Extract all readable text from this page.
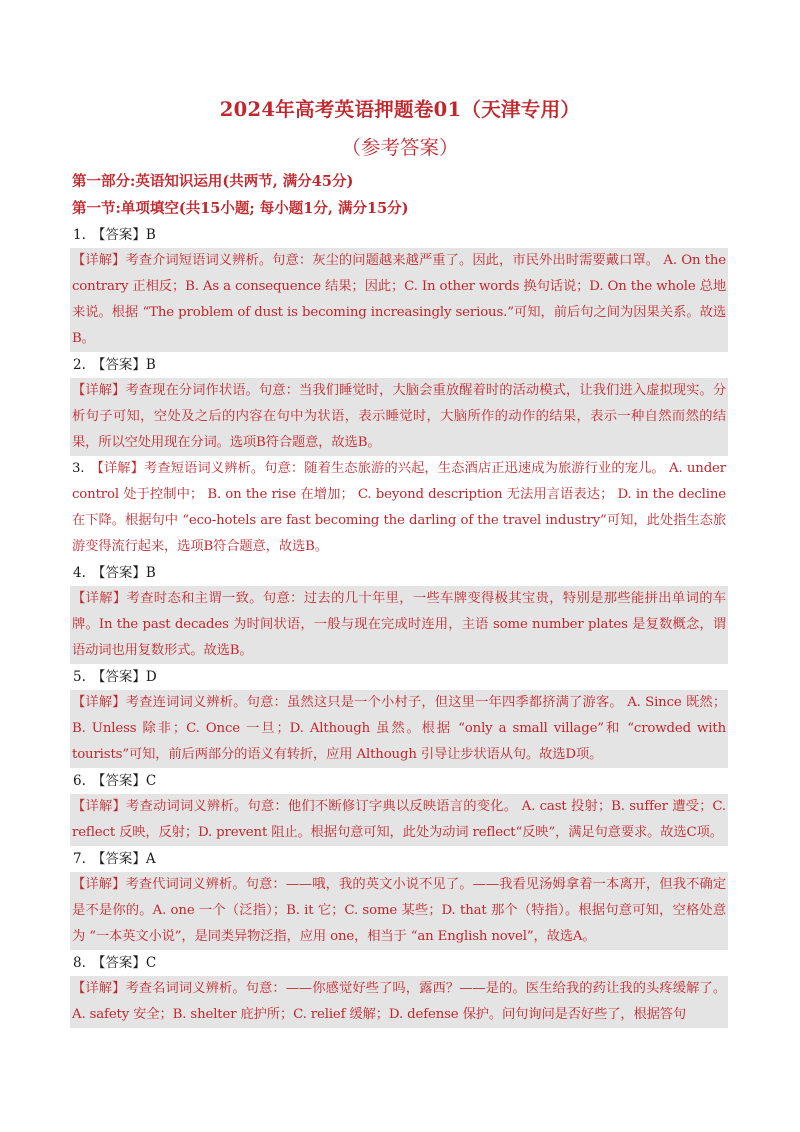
2024年高考英语押题卷01（天津专用）
（参考答案）
第一部分:英语知识运用(共两节, 满分45分)
第一节:单项填空(共15小题; 每小题1分, 满分15分)
1. 【答案】B
【详解】考查介词短语词义辨析。句意：灰尘的问题越来越严重了。因此，市民外出时需要戴口罩。 A. On the contrary 正相反；B. As a consequence 结果；因此；C. In other words 换句话说；D. On the whole 总地来说。根据 “The problem of dust is becoming increasingly serious.”可知，前后句之间为因果关系。故选B。
2. 【答案】B
【详解】考查现在分词作状语。句意：当我们睡觉时，大脑会重放醒着时的活动模式，让我们进入虚拟现实。分析句子可知，空处及之后的内容在句中为状语，表示睡觉时，大脑所作的动作的结果，表示一种自然而然的结果，所以空处用现在分词。选项B符合题意，故选B。
3. 【详解】考查短语词义辨析。句意：随着生态旅游的兴起，生态酒店正迅速成为旅游行业的宠儿。 A. under control 处于控制中； B. on the rise 在增加； C. beyond description 无法用言语表达； D. in the decline 在下降。根据句中 “eco-hotels are fast becoming the darling of the travel industry”可知，此处指生态旅游变得流行起来，选项B符合题意，故选B。
4. 【答案】B
【详解】考查时态和主谓一致。句意：过去的几十年里，一些车牌变得极其宝贵，特别是那些能拼出单词的车牌。In the past decades 为时间状语，一般与现在完成时连用，主语 some number plates 是复数概念，谓语动词也用复数形式。故选B。
5. 【答案】D
【详解】考查连词词义辨析。句意：虽然这只是一个小村子，但这里一年四季都挤满了游客。 A. Since 既然；B. Unless 除非；C. Once 一旦；D. Although 虽然。根据 “only a small village”和 “crowded with tourists”可知，前后两部分的语义有转折，应用 Although 引导让步状语从句。故选D项。
6. 【答案】C
【详解】考查动词词义辨析。句意：他们不断修订字典以反映语言的变化。 A. cast 投射；B. suffer 遭受；C. reflect 反映，反射；D. prevent 阻止。根据句意可知，此处为动词 reflect“反映”，满足句意要求。故选C项。
7. 【答案】A
【详解】考查代词词义辨析。句意：——哦，我的英文小说不见了。——我看见汤姆拿着一本离开，但我不确定是不是你的。A. one 一个（泛指）；B. it 它；C. some 某些；D. that 那个（特指）。根据句意可知，空格处意为 “一本英文小说”，是同类异物泛指，应用 one，相当于 “an English novel”，故选A。
8. 【答案】C
【详解】考查名词词义辨析。句意：——你感觉好些了吗，露西？——是的。医生给我的药让我的头疼缓解了。A. safety 安全；B. shelter 庇护所；C. relief 缓解；D. defense 保护。问句询问是否好些了，根据答句
